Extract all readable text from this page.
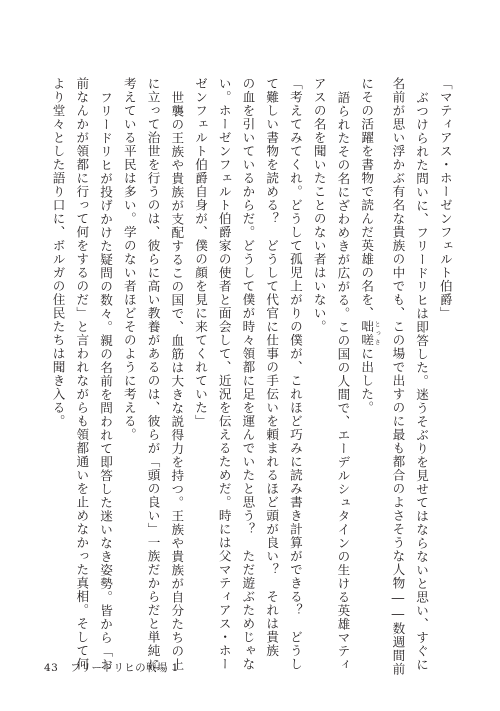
「マティアス・ホーゼンフェルト伯爵」
ぶつけられた問いに、フリードリヒは即答した。迷うそぶりを見せてはならないと思い、すぐに
名前が思い浮かぶ有名な貴族の中でも、この場で出すのに最も都合のよさそうな人物――数週間前
にその活躍を書物で読んだ英雄の名を、咄嗟 とっさに出した。
語られたその名にざわめきが広がる。この国の人間で、エーデルシュタインの生ける英雄マティ
アスの名を聞いたことのない者はいない。
「考えてみてくれ。どうして孤児上がりの僕が、これほど巧みに読み書き計算ができる？　どうし
て難しい書物を読める？　どうして代官に仕事の手伝いを頼まれるほど頭が良い？　それは貴族
の血を引いているからだ。どうして僕が時々領都に足を運んでいたと思う？　ただ遊ぶためじゃな
い。ホーゼンフェルト伯爵家の使者と面会して、近況を伝えるためだ。時には父マティアス・ホー
ゼンフェルト伯爵自身が、僕の顔を見に来てくれていた」
世襲の王族や貴族が支配するこの国で、血筋は大きな説得力を持つ。王族や貴族が自分たちの上
に立って治世を行うのは、彼らに高い教養があるのは、彼らが「頭の良い」一族だからだと単純に
考えている平民は多い。学のない者ほどそのように考える。
フリードリヒが投げかけた疑問の数々。親の名前を問われて即答した迷いなき姿勢。皆から「お
前なんかが領都に行って何をするのだ」と言われながらも領都通いを止めなかった真相。そして何
より堂々とした語り口に、ボルガの住民たちは聞き入る。
43 フリードリヒの戦場 1
